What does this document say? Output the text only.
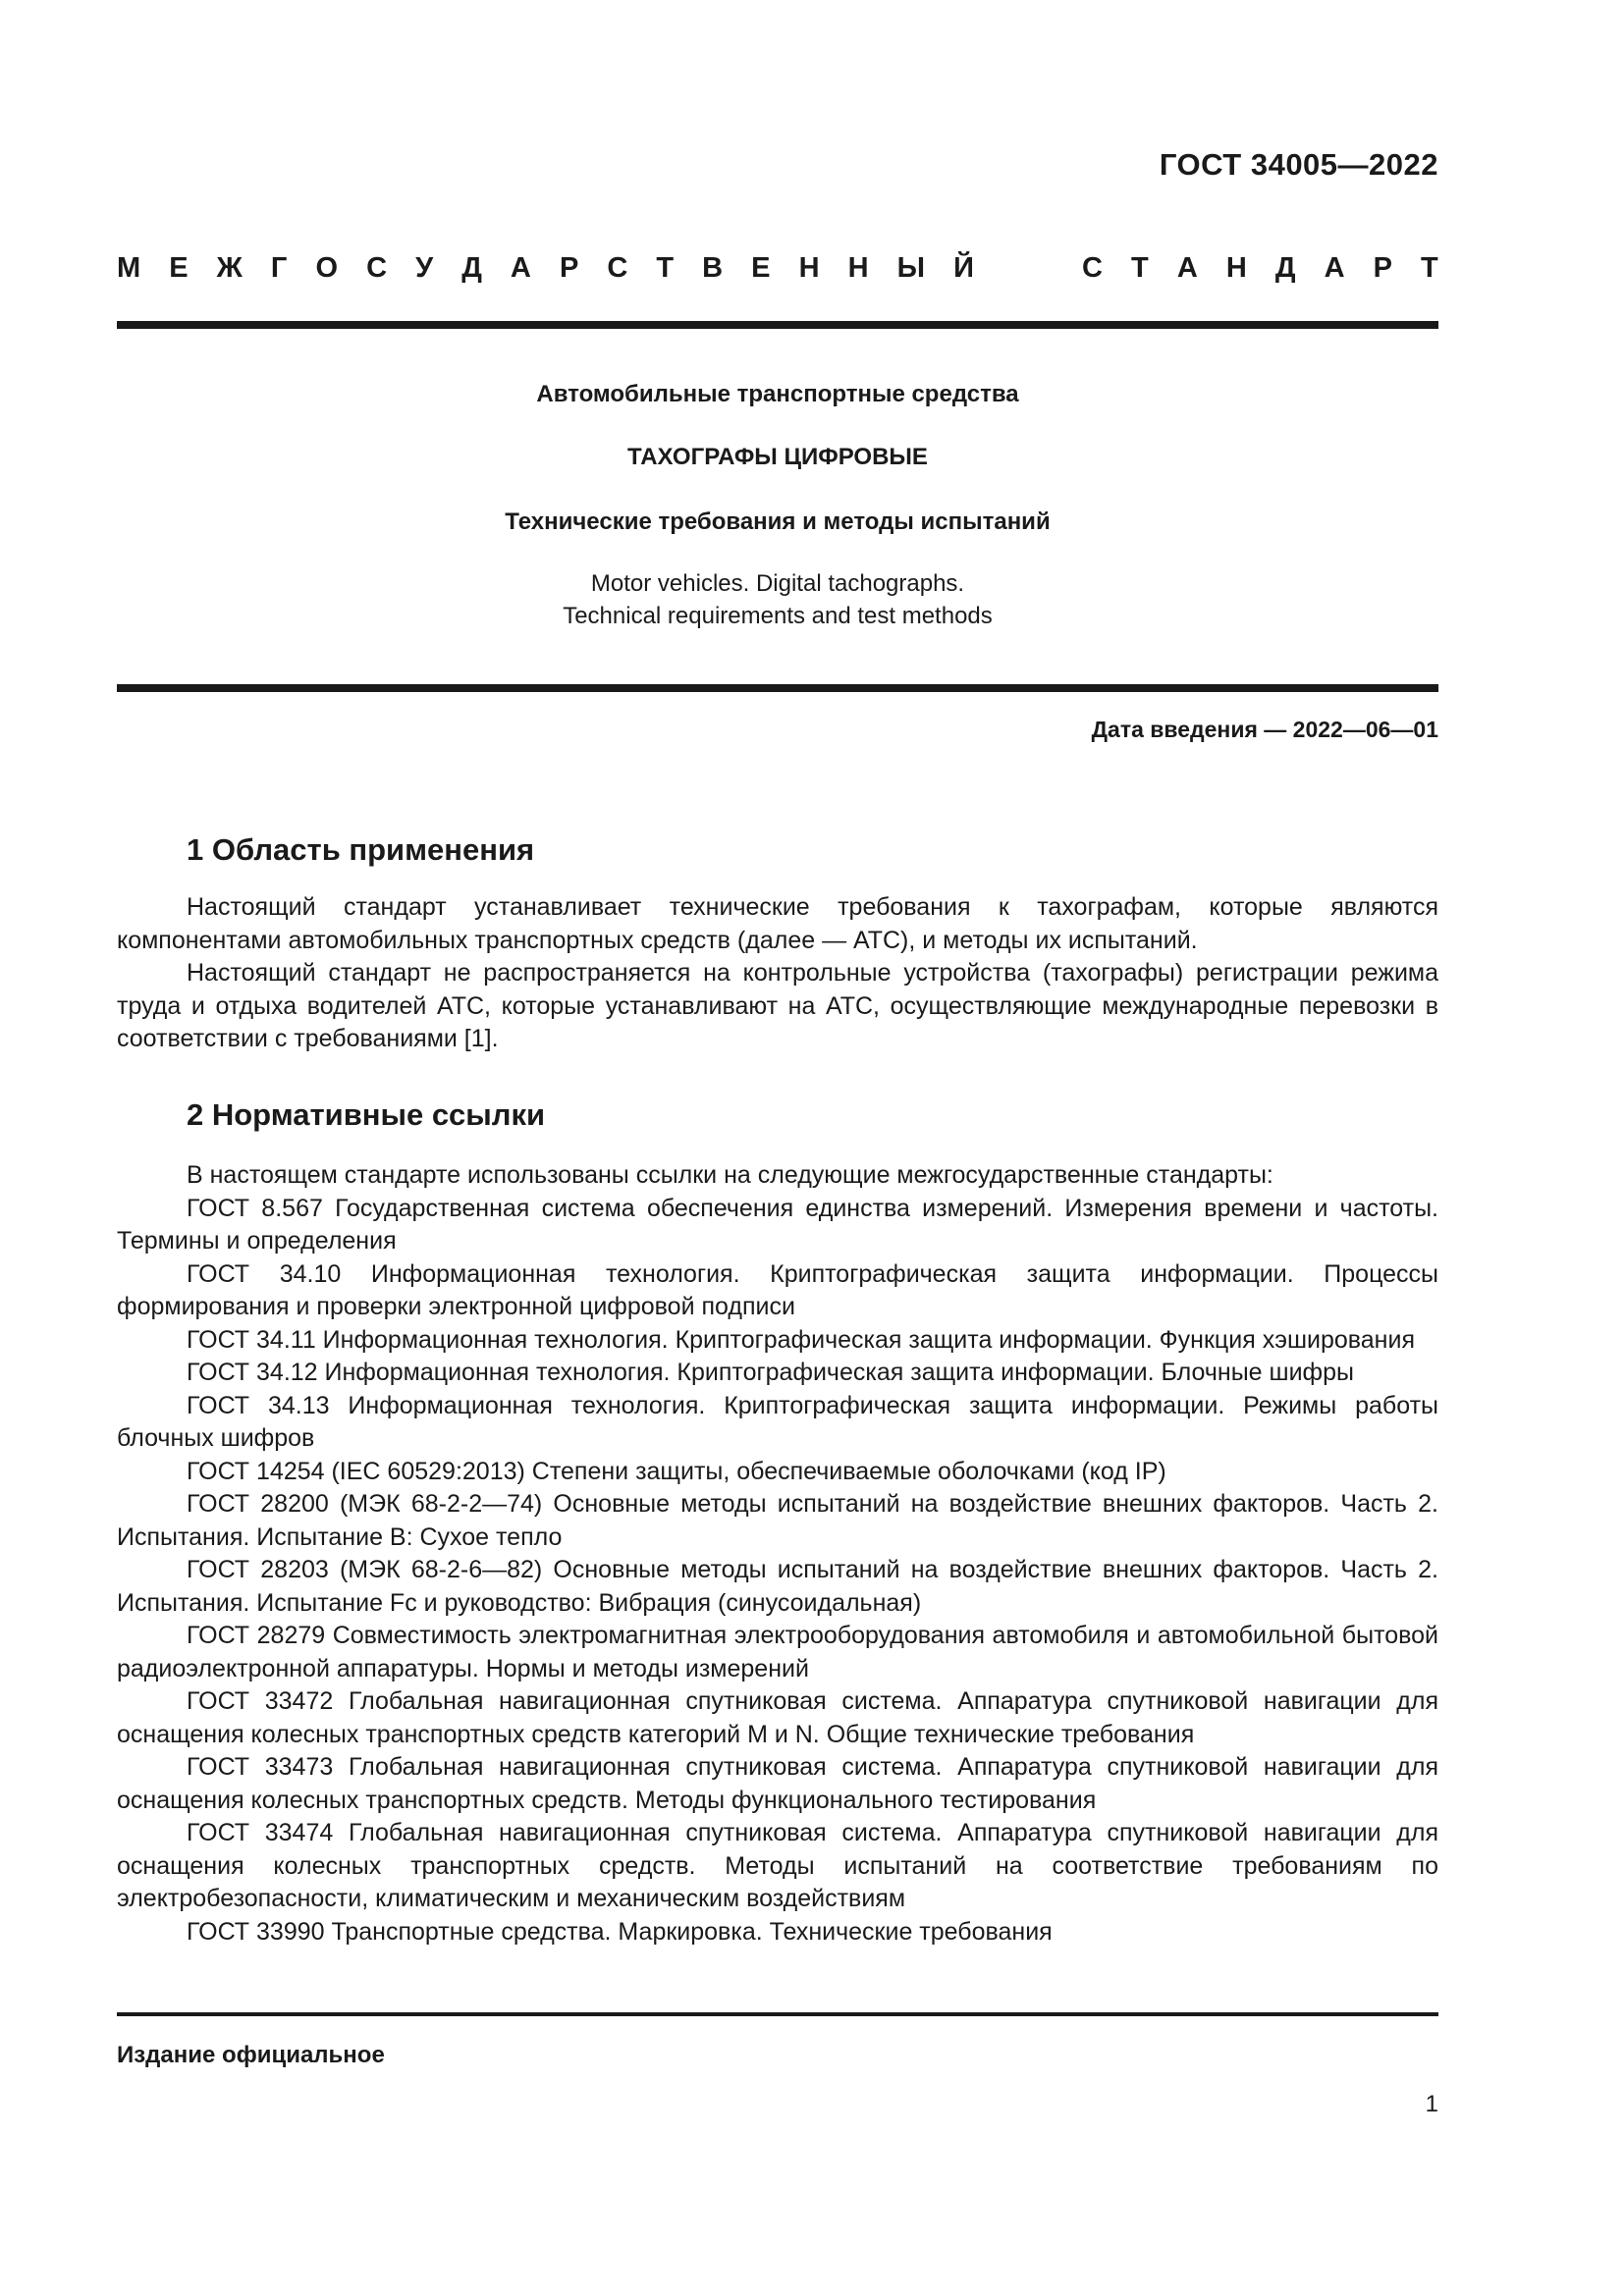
ГОСТ 34005—2022
М Е Ж Г О С У Д А Р С Т В Е Н Н Ы Й	С Т А Н Д А Р Т
Автомобильные транспортные средства
ТАХОГРАФЫ ЦИФРОВЫЕ
Технические требования и методы испытаний
Motor vehicles. Digital tachographs.
Technical requirements and test methods
Дата введения — 2022—06—01
1 Область применения

Настоящий стандарт устанавливает технические требования к тахографам, которые являются компонентами автомобильных транспортных средств (далее — АТС), и методы их испытаний.

Настоящий стандарт не распространяется на контрольные устройства (тахографы) регистрации режима труда и отдыха водителей АТС, которые устанавливают на АТС, осуществляющие международные перевозки в соответствии с требованиями [1].

2 Нормативные ссылки

В настоящем стандарте использованы ссылки на следующие межгосударственные стандарты:

ГОСТ 8.567 Государственная система обеспечения единства измерений. Измерения времени и частоты. Термины и определения

ГОСТ 34.10 Информационная технология. Криптографическая защита информации. Процессы формирования и проверки электронной цифровой подписи

ГОСТ 34.11 Информационная технология. Криптографическая защита информации. Функция хэширования

ГОСТ 34.12 Информационная технология. Криптографическая защита информации. Блочные шифры

ГОСТ 34.13 Информационная технология. Криптографическая защита информации. Режимы работы блочных шифров

ГОСТ 14254 (IEC 60529:2013) Степени защиты, обеспечиваемые оболочками (код IP)

ГОСТ 28200 (МЭК 68-2-2—74) Основные методы испытаний на воздействие внешних факторов. Часть 2. Испытания. Испытание В: Сухое тепло

ГОСТ 28203 (МЭК 68-2-6—82) Основные методы испытаний на воздействие внешних факторов. Часть 2. Испытания. Испытание Fc и руководство: Вибрация (синусоидальная)

ГОСТ 28279 Совместимость электромагнитная электрооборудования автомобиля и автомобильной бытовой радиоэлектронной аппаратуры. Нормы и методы измерений

ГОСТ 33472 Глобальная навигационная спутниковая система. Аппаратура спутниковой навигации для оснащения колесных транспортных средств категорий М и N. Общие технические требования

ГОСТ 33473 Глобальная навигационная спутниковая система. Аппаратура спутниковой навигации для оснащения колесных транспортных средств. Методы функционального тестирования

ГОСТ 33474 Глобальная навигационная спутниковая система. Аппаратура спутниковой навигации для оснащения колесных транспортных средств. Методы испытаний на соответствие требованиям по электробезопасности, климатическим и механическим воздействиям

ГОСТ 33990 Транспортные средства. Маркировка. Технические требования

Издание официальное
1
